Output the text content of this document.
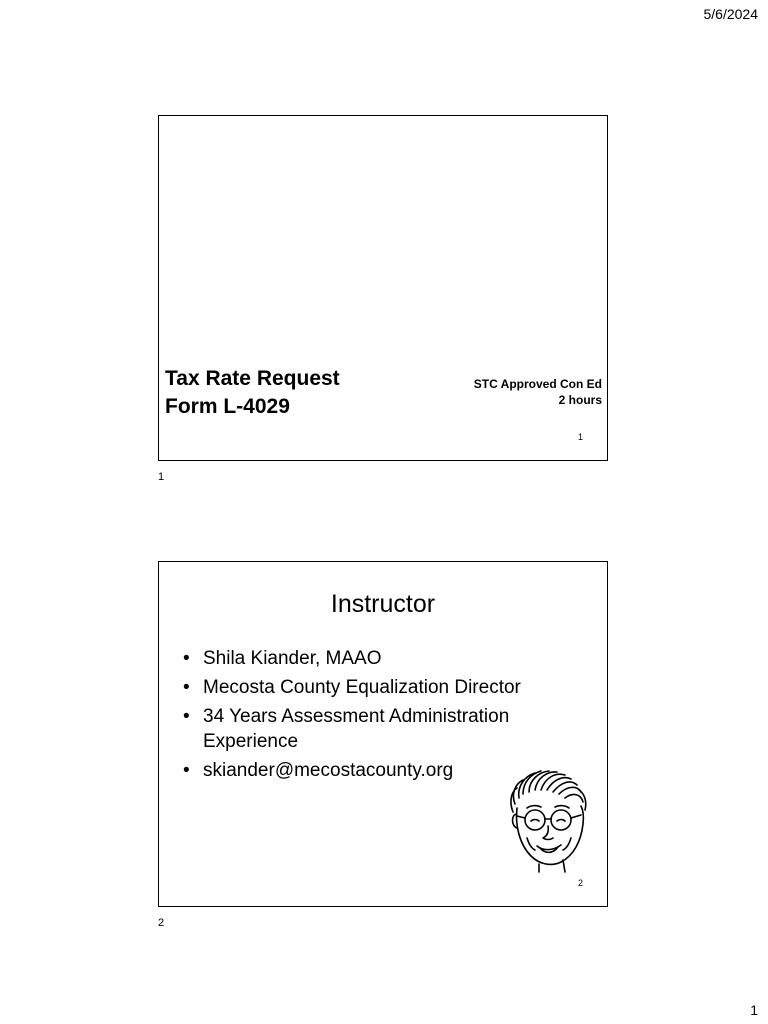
5/6/2024
Tax Rate Request
Form L-4029
STC Approved Con Ed
2 hours
1
1
Instructor
• Shila Kiander, MAAO
• Mecosta County Equalization Director
• 34 Years Assessment Administration Experience
• skiander@mecostacounty.org
2
2
1
